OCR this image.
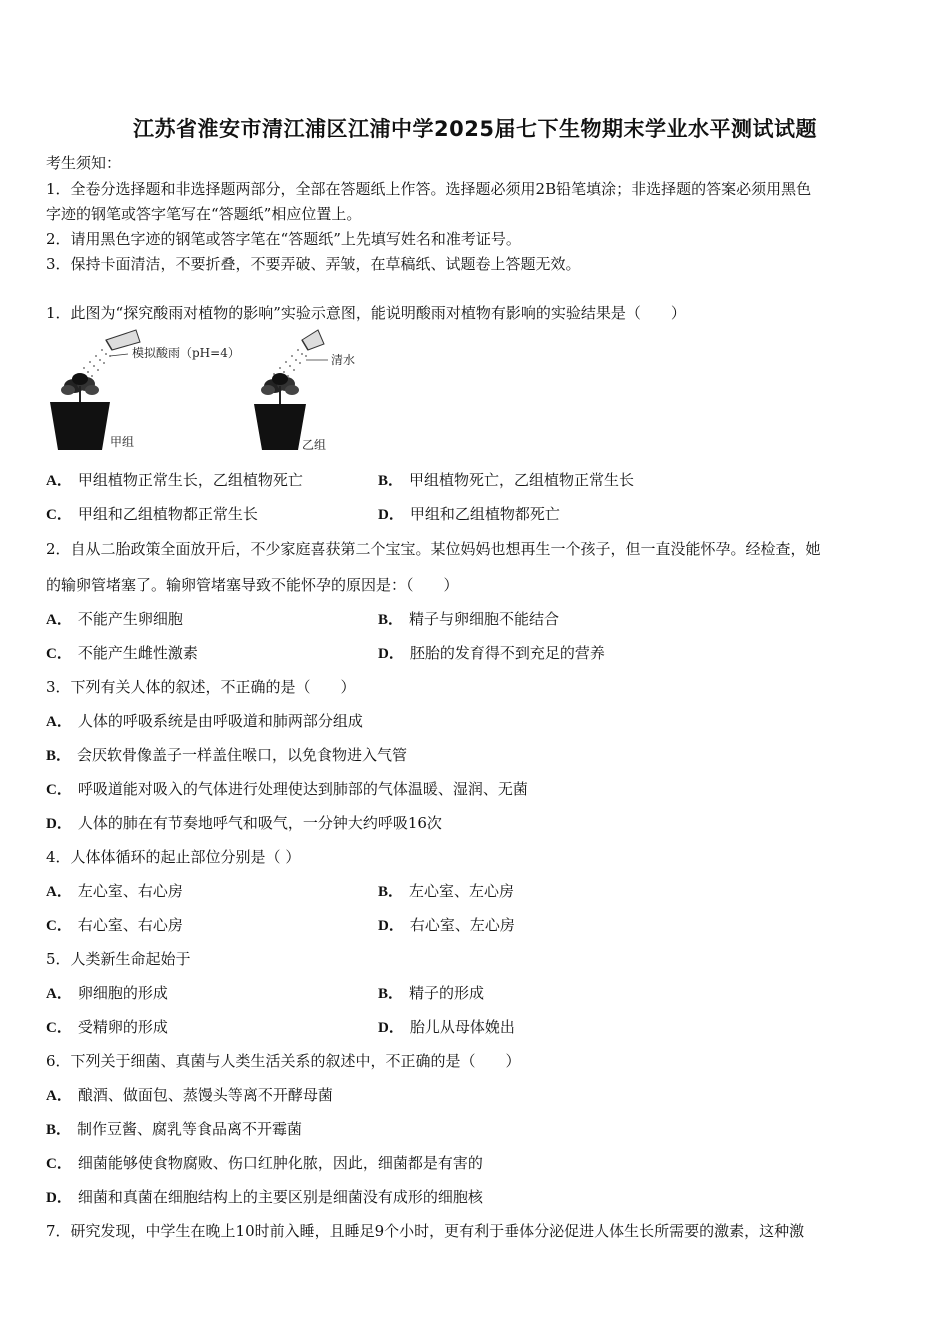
江苏省淮安市清江浦区江浦中学2025届七下生物期末学业水平测试试题
考生须知：
1．全卷分选择题和非选择题两部分，全部在答题纸上作答。选择题必须用2B铅笔填涂；非选择题的答案必须用黑色
字迹的钢笔或答字笔写在“答题纸”相应位置上。
2．请用黑色字迹的钢笔或答字笔在“答题纸”上先填写姓名和准考证号。
3．保持卡面清洁，不要折叠，不要弄破、弄皱，在草稿纸、试题卷上答题无效。
1．此图为“探究酸雨对植物的影响”实验示意图，能说明酸雨对植物有影响的实验结果是（　　）
模拟酸雨（pH=4）
甲组
清水
乙组
A． 甲组植物正常生长，乙组植物死亡	B． 甲组植物死亡，乙组植物正常生长
C． 甲组和乙组植物都正常生长	D． 甲组和乙组植物都死亡
2．自从二胎政策全面放开后，不少家庭喜获第二个宝宝。某位妈妈也想再生一个孩子，但一直没能怀孕。经检查，她
的输卵管堵塞了。输卵管堵塞导致不能怀孕的原因是：（　　）
A． 不能产生卵细胞	B． 精子与卵细胞不能结合
C． 不能产生雌性激素	D． 胚胎的发育得不到充足的营养
3．下列有关人体的叙述，不正确的是（　　）
A． 人体的呼吸系统是由呼吸道和肺两部分组成
B． 会厌软骨像盖子一样盖住喉口，以免食物进入气管
C． 呼吸道能对吸入的气体进行处理使达到肺部的气体温暖、湿润、无菌
D． 人体的肺在有节奏地呼气和吸气，一分钟大约呼吸16次
4．人体体循环的起止部位分别是（ ）
A． 左心室、右心房	B． 左心室、左心房
C． 右心室、右心房	D． 右心室、左心房
5．人类新生命起始于
A． 卵细胞的形成	B． 精子的形成
C． 受精卵的形成	D． 胎儿从母体娩出
6．下列关于细菌、真菌与人类生活关系的叙述中，不正确的是（　　）
A． 酿酒、做面包、蒸馒头等离不开酵母菌
B． 制作豆酱、腐乳等食品离不开霉菌
C． 细菌能够使食物腐败、伤口红肿化脓，因此，细菌都是有害的
D． 细菌和真菌在细胞结构上的主要区别是细菌没有成形的细胞核
7．研究发现，中学生在晚上10时前入睡，且睡足9个小时，更有利于垂体分泌促进人体生长所需要的激素，这种激
